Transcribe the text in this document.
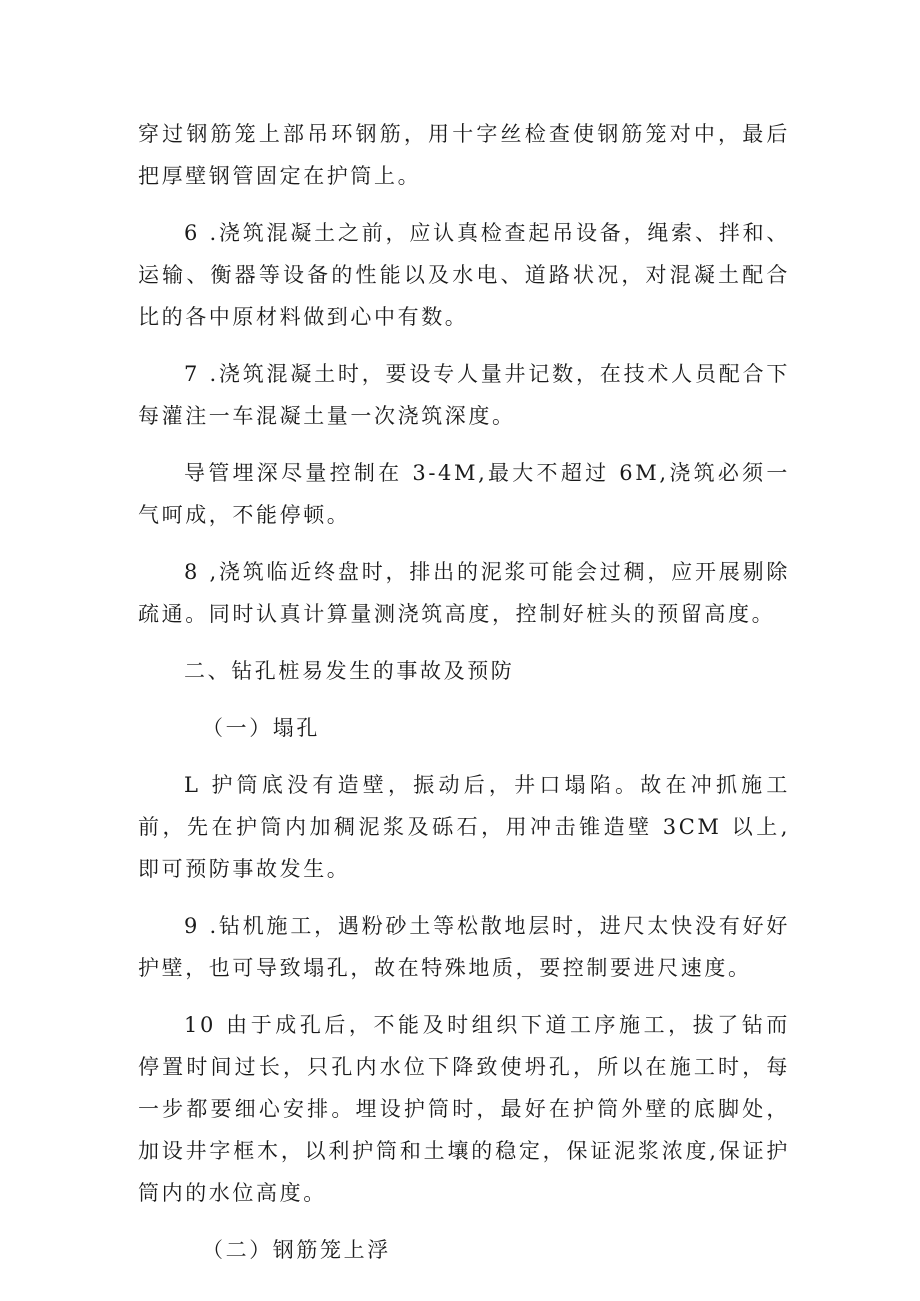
穿过钢筋笼上部吊环钢筋，用十字丝检查使钢筋笼对中，最后把厚壁钢管固定在护筒上。

6 .浇筑混凝土之前，应认真检查起吊设备，绳索、拌和、运输、衡器等设备的性能以及水电、道路状况，对混凝土配合比的各中原材料做到心中有数。

7 .浇筑混凝土时，要设专人量井记数，在技术人员配合下每灌注一车混凝土量一次浇筑深度。

导管埋深尽量控制在 3-4M,最大不超过 6M,浇筑必须一气呵成，不能停顿。

8 ,浇筑临近终盘时，排出的泥浆可能会过稠，应开展剔除疏通。同时认真计算量测浇筑高度，控制好桩头的预留高度。

二、钻孔桩易发生的事故及预防

（一）塌孔

L 护筒底没有造壁，振动后，井口塌陷。故在冲抓施工前，先在护筒内加稠泥浆及砾石，用冲击锥造壁 3CM 以上,即可预防事故发生。

9 .钻机施工，遇粉砂土等松散地层时，进尺太快没有好好护壁，也可导致塌孔，故在特殊地质，要控制要进尺速度。

10 由于成孔后，不能及时组织下道工序施工，拔了钻而停置时间过长，只孔内水位下降致使坍孔，所以在施工时，每一步都要细心安排。埋设护筒时，最好在护筒外壁的底脚处，加设井字框木，以利护筒和土壤的稳定，保证泥浆浓度,保证护筒内的水位高度。

（二）钢筋笼上浮
